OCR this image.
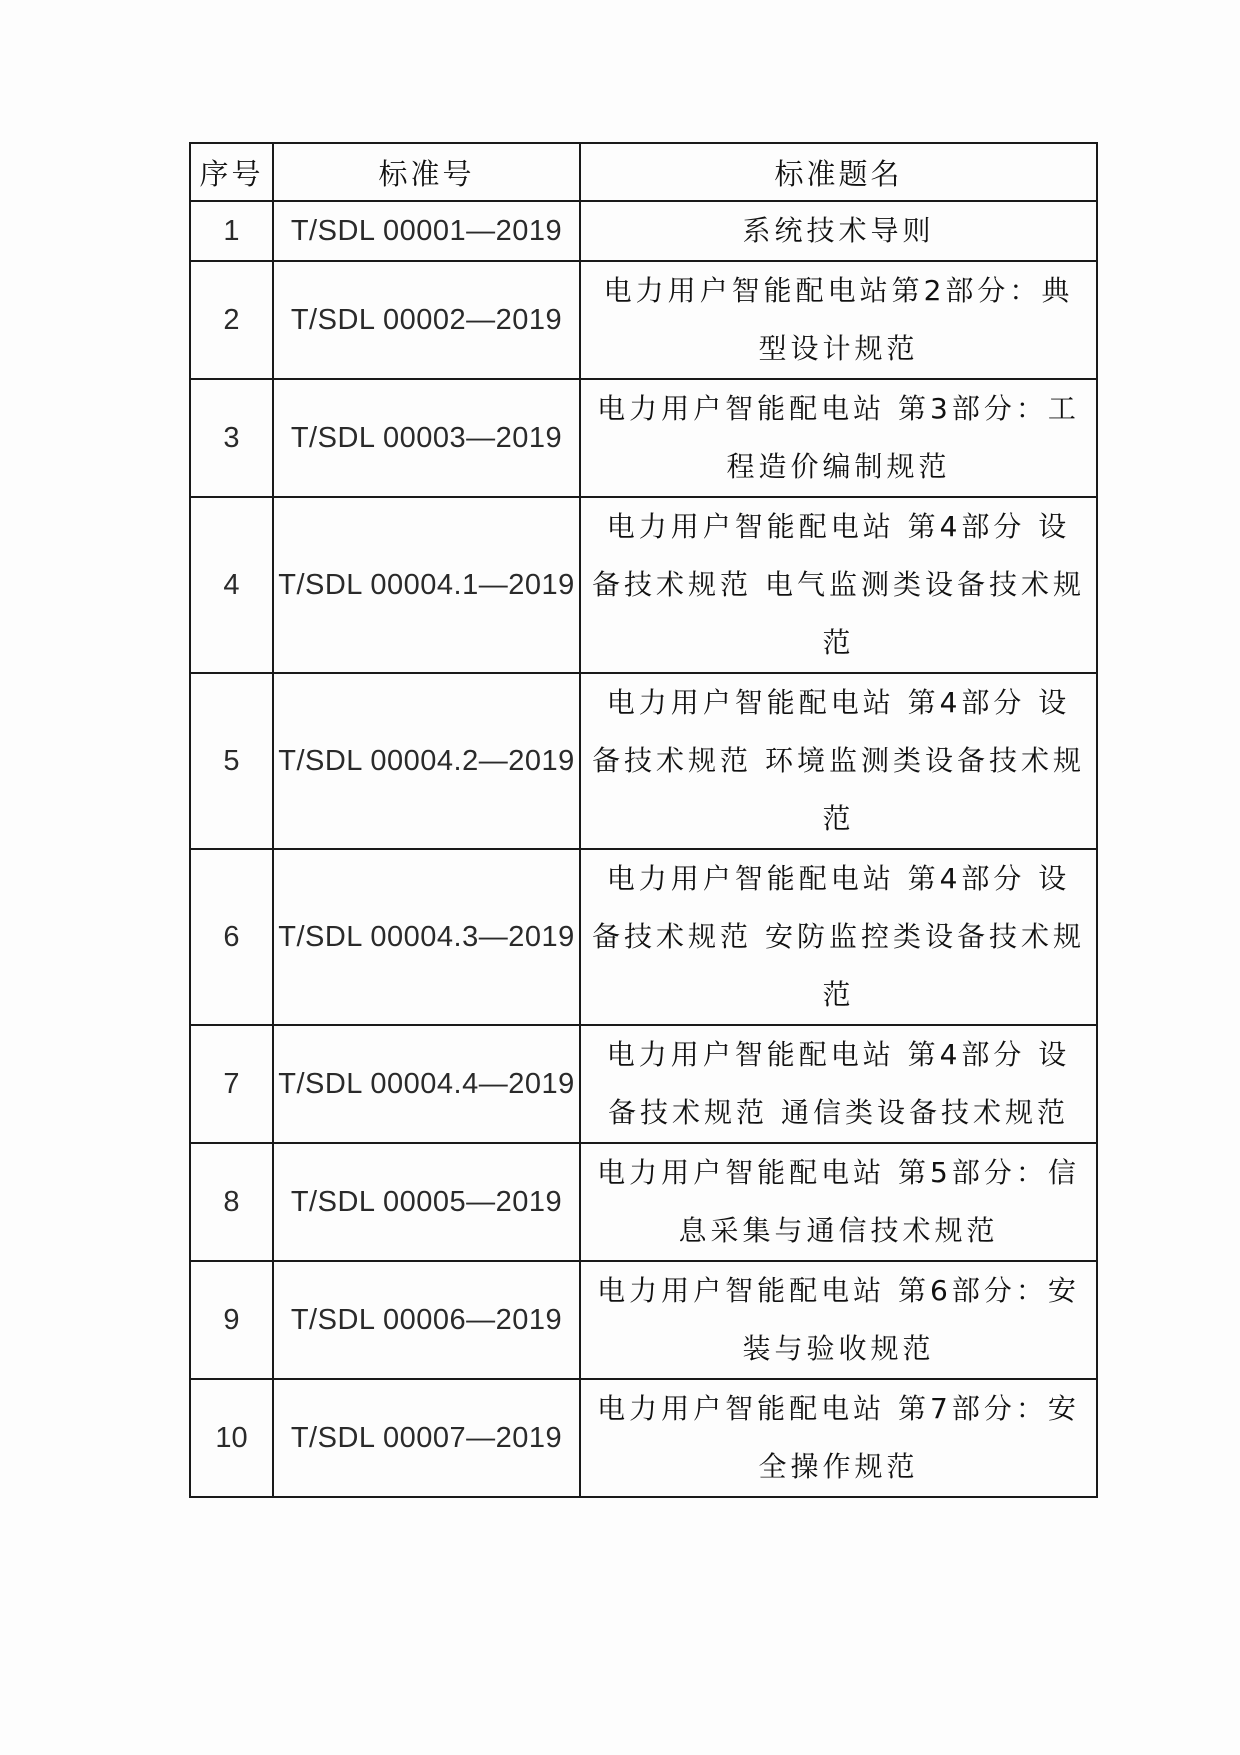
序号	标准号	标准题名
1	T/SDL 00001—2019	系统技术导则
2	T/SDL 00002—2019	电力用户智能配电站第2部分：典型设计规范
3	T/SDL 00003—2019	电力用户智能配电站 第3部分：工程造价编制规范
4	T/SDL 00004.1—2019	电力用户智能配电站 第4部分 设备技术规范 电气监测类设备技术规范
5	T/SDL 00004.2—2019	电力用户智能配电站 第4部分 设备技术规范 环境监测类设备技术规范
6	T/SDL 00004.3—2019	电力用户智能配电站 第4部分 设备技术规范 安防监控类设备技术规范
7	T/SDL 00004.4—2019	电力用户智能配电站 第4部分 设备技术规范 通信类设备技术规范
8	T/SDL 00005—2019	电力用户智能配电站 第5部分：信息采集与通信技术规范
9	T/SDL 00006—2019	电力用户智能配电站 第6部分：安装与验收规范
10	T/SDL 00007—2019	电力用户智能配电站 第7部分：安全操作规范
